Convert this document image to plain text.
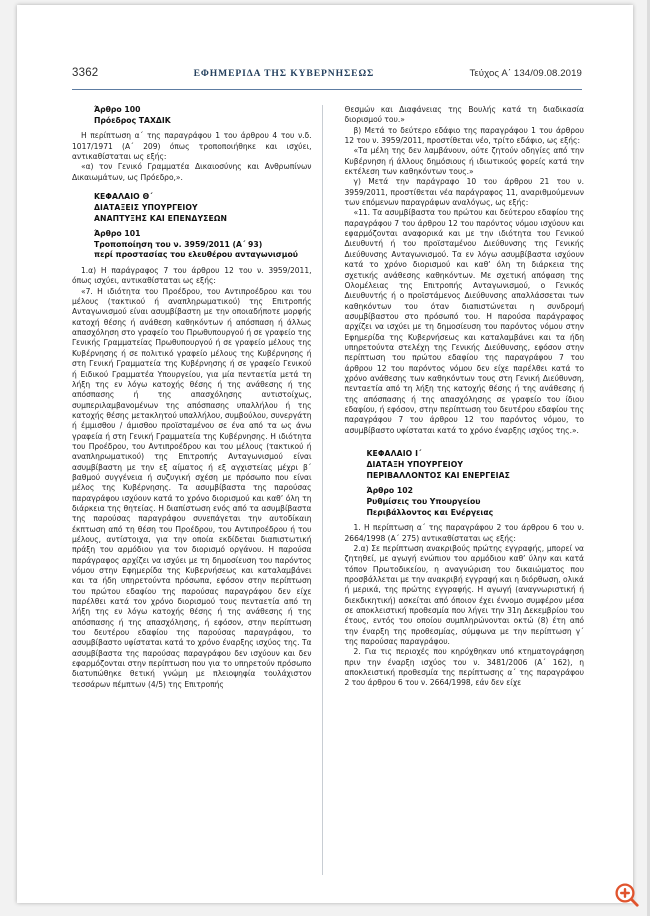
3362	ΕΦΗΜΕΡΙΔΑ ΤΗΣ ΚΥΒΕΡΝΗΣΕΩΣ	Τεύχος Α΄ 134/09.08.2019
Άρθρο 100
Πρόεδρος ΤΑΧΔΙΚ

Η περίπτωση α΄ της παραγράφου 1 του άρθρου 4 του ν.δ. 1017/1971 (Α΄ 209) όπως τροποποιήθηκε και ισχύει, αντικαθίσταται ως εξής:

«α) τον Γενικό Γραμματέα Δικαιοσύνης και Ανθρωπίνων Δικαιωμάτων, ως Πρόεδρο,».

ΚΕΦΑΛΑΙΟ Θ΄
ΔΙΑΤΑΞΕΙΣ ΥΠΟΥΡΓΕΙΟΥ
ΑΝΑΠΤΥΞΗΣ ΚΑΙ ΕΠΕΝΔΥΣΕΩΝ
Άρθρο 101
Τροποποίηση του ν. 3959/2011 (Α΄ 93)
περί προστασίας του ελευθέρου ανταγωνισμού

1.α) Η παράγραφος 7 του άρθρου 12 του ν. 3959/2011, όπως ισχύει, αντικαθίσταται ως εξής:

«7. Η ιδιότητα του Προέδρου, του Αντιπροέδρου και του μέλους (τακτικού ή αναπληρωματικού) της Επιτροπής Ανταγωνισμού είναι ασυμβίβαστη με την οποιαδήποτε μορφής κατοχή θέσης ή ανάθεση καθηκόντων ή απόσπαση ή άλλως απασχόληση στο γραφείο του Πρωθυπουργού ή σε γραφείο της Γενικής Γραμματείας Πρωθυπουργού ή σε γραφείο μέλους της Κυβέρνησης ή σε πολιτικό γραφείο μέλους της Κυβέρνησης ή στη Γενική Γραμματεία της Κυβέρνησης ή σε γραφείο Γενικού ή Ειδικού Γραμματέα Υπουργείου, για μία πενταετία μετά τη λήξη της εν λόγω κατοχής θέσης ή της ανάθεσης ή της απόσπασης ή της απασχόλησης αντιστοίχως, συμπεριλαμβανομένων της απόσπασης υπαλλήλου ή της κατοχής θέσης μετακλητού υπαλλήλου, συμβούλου, συνεργάτη ή έμμισθου / άμισθου προϊσταμένου σε ένα από τα ως άνω γραφεία ή στη Γενική Γραμματεία της Κυβέρνησης. Η ιδιότητα του Προέδρου, του Αντιπροέδρου και του μέλους (τακτικού ή αναπληρωματικού) της Επιτροπής Ανταγωνισμού είναι ασυμβίβαστη με την εξ αίματος ή εξ αγχιστείας μέχρι β΄ βαθμού συγγένεια ή συζυγική σχέση με πρόσωπο που είναι μέλος της Κυβέρνησης. Τα ασυμβίβαστα της παρούσας παραγράφου ισχύουν κατά το χρόνο διορισμού και καθ’ όλη τη διάρκεια της θητείας. Η διαπίστωση ενός από τα ασυμβίβαστα της παρούσας παραγράφου συνεπάγεται την αυτοδίκαιη έκπτωση από τη θέση του Προέδρου, του Αντιπροέδρου ή του μέλους, αντίστοιχα, για την οποία εκδίδεται διαπιστωτική πράξη του αρμόδιου για τον διορισμό οργάνου. Η παρούσα παράγραφος αρχίζει να ισχύει με τη δημοσίευση του παρόντος νόμου στην Εφημερίδα της Κυβερνήσεως και καταλαμβάνει και τα ήδη υπηρετούντα πρόσωπα, εφόσον στην περίπτωση του πρώτου εδαφίου της παρούσας παραγράφου δεν είχε παρέλθει κατά τον χρόνο διορισμού τους πενταετία από τη λήξη της εν λόγω κατοχής θέσης ή της ανάθεσης ή της απόσπασης ή της απασχόλησης, ή εφόσον, στην περίπτωση του δευτέρου εδαφίου της παρούσας παραγράφου, το ασυμβίβαστο υφίσταται κατά το χρόνο έναρξης ισχύος της. Τα ασυμβίβαστα της παρούσας παραγράφου δεν ισχύουν και δεν εφαρμόζονται στην περίπτωση που για το υπηρετούν πρόσωπο διατυπώθηκε θετική γνώμη με πλειοψηφία τουλάχιστον τεσσάρων πέμπτων (4/5) της Επιτροπής

Θεσμών και Διαφάνειας της Βουλής κατά τη διαδικασία διορισμού του.»

β) Μετά το δεύτερο εδάφιο της παραγράφου 1 του άρθρου 12 του ν. 3959/2011, προστίθεται νέο, τρίτο εδάφιο, ως εξής:

«Τα μέλη της δεν λαμβάνουν, ούτε ζητούν οδηγίες από την Κυβέρνηση ή άλλους δημόσιους ή ιδιωτικούς φορείς κατά την εκτέλεση των καθηκόντων τους.»

γ) Μετά την παράγραφο 10 του άρθρου 21 του ν. 3959/2011, προστίθεται νέα παράγραφος 11, αναριθμούμενων των επόμενων παραγράφων αναλόγως, ως εξής:

«11. Τα ασυμβίβαστα του πρώτου και δεύτερου εδαφίου της παραγράφου 7 του άρθρου 12 του παρόντος νόμου ισχύουν και εφαρμόζονται αναφορικά και με την ιδιότητα του Γενικού Διευθυντή ή του προϊσταμένου Διεύθυνσης της Γενικής Διεύθυνσης Ανταγωνισμού. Τα εν λόγω ασυμβίβαστα ισχύουν κατά το χρόνο διορισμού και καθ’ όλη τη διάρκεια της σχετικής ανάθεσης καθηκόντων. Με σχετική απόφαση της Ολομέλειας της Επιτροπής Ανταγωνισμού, ο Γενικός Διευθυντής ή ο προϊστάμενος Διεύθυνσης απαλλάσσεται των καθηκόντων του όταν διαπιστώνεται η συνδρομή ασυμβίβαστου στο πρόσωπό του. Η παρούσα παράγραφος αρχίζει να ισχύει με τη δημοσίευση του παρόντος νόμου στην Εφημερίδα της Κυβερνήσεως και καταλαμβάνει και τα ήδη υπηρετούντα στελέχη της Γενικής Διεύθυνσης, εφόσον στην περίπτωση του πρώτου εδαφίου της παραγράφου 7 του άρθρου 12 του παρόντος νόμου δεν είχε παρέλθει κατά το χρόνο ανάθεσης των καθηκόντων τους στη Γενική Διεύθυνση, πενταετία από τη λήξη της κατοχής θέσης ή της ανάθεσης ή της απόσπασης ή της απασχόλησης σε γραφείο του ίδιου εδαφίου, ή εφόσον, στην περίπτωση του δευτέρου εδαφίου της παραγράφου 7 του άρθρου 12 του παρόντος νόμου, το ασυμβίβαστο υφίσταται κατά το χρόνο έναρξης ισχύος της.».

ΚΕΦΑΛΑΙΟ Ι΄
ΔΙΑΤΑΞΗ ΥΠΟΥΡΓΕΙΟΥ
ΠΕΡΙΒΑΛΛΟΝΤΟΣ ΚΑΙ ΕΝΕΡΓΕΙΑΣ
Άρθρο 102
Ρυθμίσεις του Υπουργείου
Περιβάλλοντος και Ενέργειας

1. Η περίπτωση α΄ της παραγράφου 2 του άρθρου 6 του ν. 2664/1998 (Α΄ 275) αντικαθίσταται ως εξής:

2.α) Σε περίπτωση ανακριβούς πρώτης εγγραφής, μπορεί να ζητηθεί, με αγωγή ενώπιον του αρμόδιου καθ’ ύλην και κατά τόπον Πρωτοδικείου, η αναγνώριση του δικαιώματος που προσβάλλεται με την ανακριβή εγγραφή και η διόρθωση, ολικά ή μερικά, της πρώτης εγγραφής. Η αγωγή (αναγνωριστική ή διεκδικητική) ασκείται από όποιον έχει έννομο συμφέρον μέσα σε αποκλειστική προθεσμία που λήγει την 31η Δεκεμβρίου του έτους, εντός του οποίου συμπληρώνονται οκτώ (8) έτη από την έναρξη της προθεσμίας, σύμφωνα με την περίπτωση γ΄ της παρούσας παραγράφου.

2. Για τις περιοχές που κηρύχθηκαν υπό κτηματογράφηση πριν την έναρξη ισχύος του ν. 3481/2006 (Α΄ 162), η αποκλειστική προθεσμία της περίπτωσης α΄ της παραγράφου 2 του άρθρου 6 του ν. 2664/1998, εάν δεν είχε
